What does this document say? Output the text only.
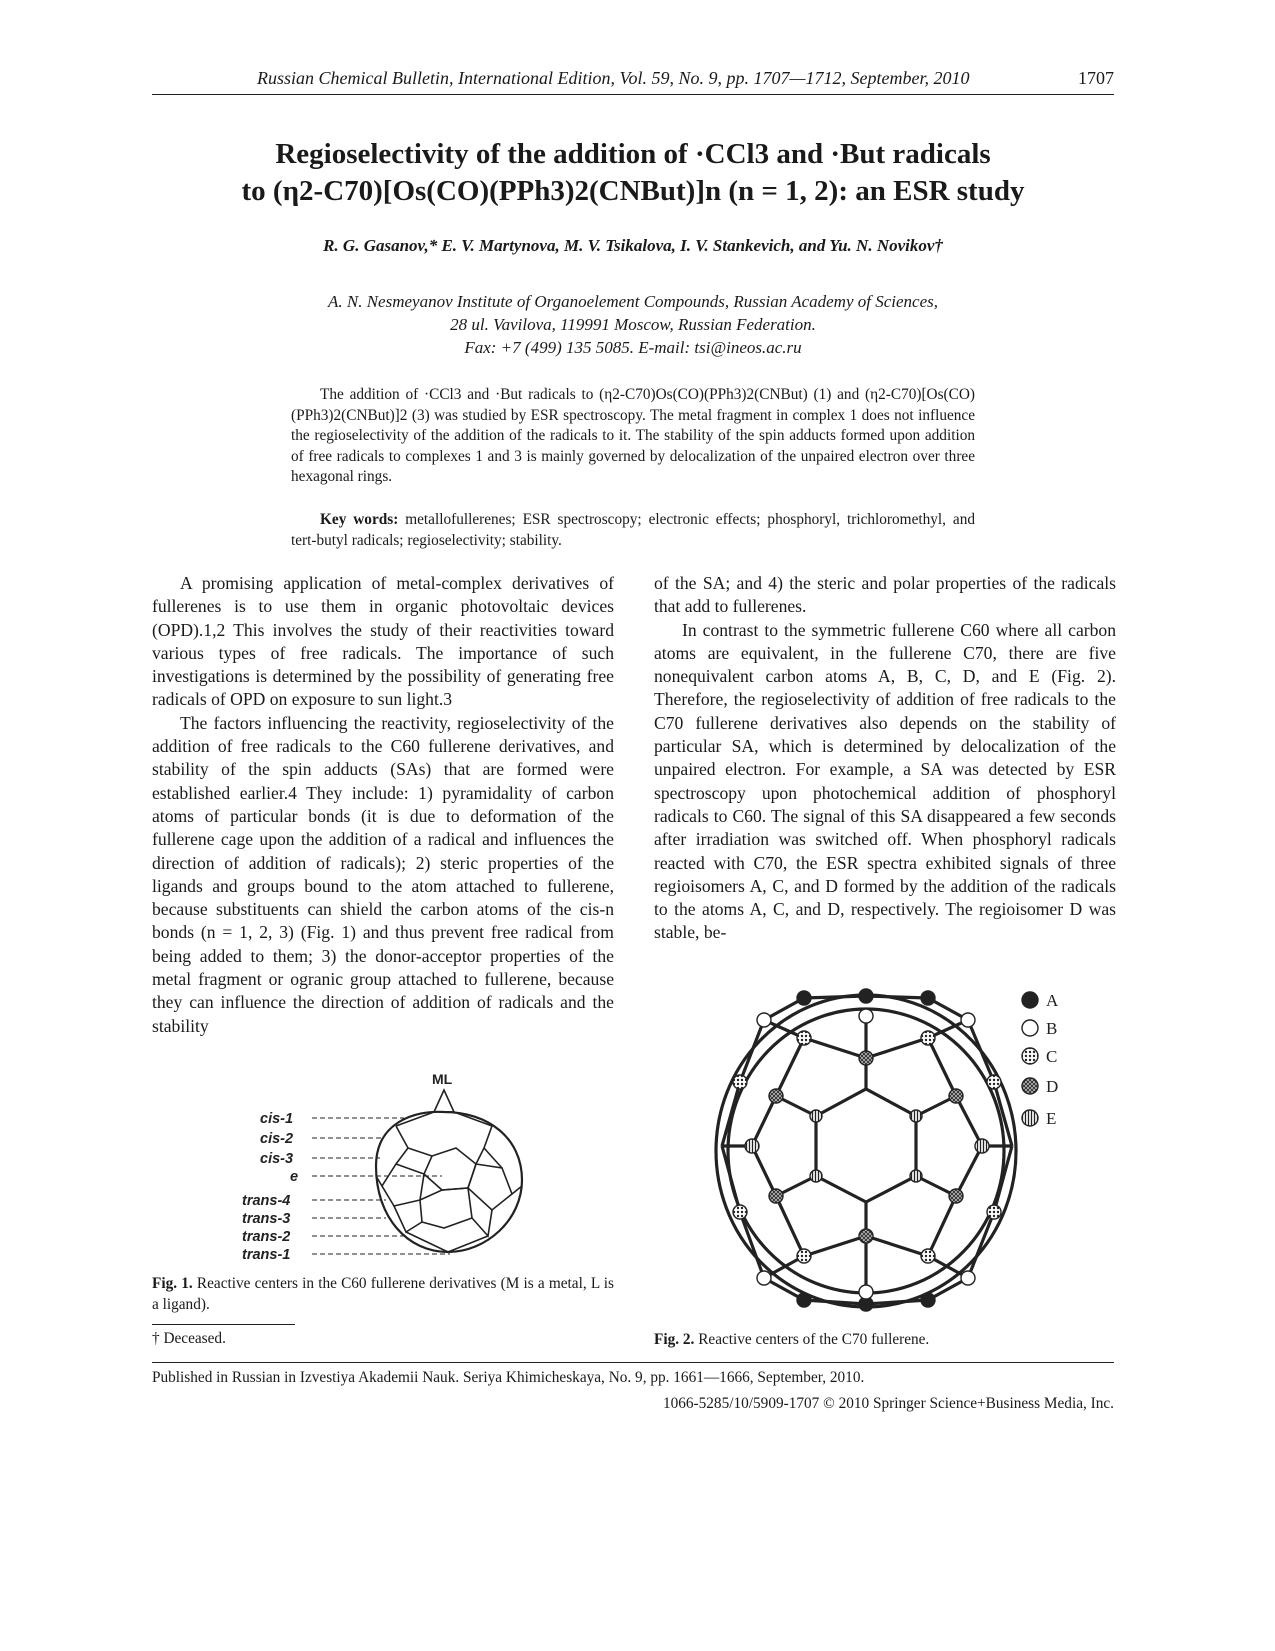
Russian Chemical Bulletin, International Edition, Vol. 59, No. 9, pp. 1707—1712, September, 2010	1707
Regioselectivity of the addition of ·CCl3 and ·But radicals
to (η2-C70)[Os(CO)(PPh3)2(CNBut)]n (n = 1, 2): an ESR study
R. G. Gasanov,* E. V. Martynova, M. V. Tsikalova, I. V. Stankevich, and Yu. N. Novikov†
A. N. Nesmeyanov Institute of Organoelement Compounds, Russian Academy of Sciences,
28 ul. Vavilova, 119991 Moscow, Russian Federation.
Fax: +7 (499) 135 5085. E-mail: tsi@ineos.ac.ru
The addition of ·CCl3 and ·But radicals to (η2-C70)Os(CO)(PPh3)2(CNBut) (1) and (η2-C70)[Os(CO)(PPh3)2(CNBut)]2 (3) was studied by ESR spectroscopy. The metal fragment in complex 1 does not influence the regioselectivity of the addition of the radicals to it. The stability of the spin adducts formed upon addition of free radicals to complexes 1 and 3 is mainly governed by delocalization of the unpaired electron over three hexagonal rings.
Key words: metallofullerenes; ESR spectroscopy; electronic effects; phosphoryl, trichloromethyl, and tert-butyl radicals; regioselectivity; stability.

A promising application of metal-complex derivatives of fullerenes is to use them in organic photovoltaic devices (OPD).1,2 This involves the study of their reactivities toward various types of free radicals. The importance of such investigations is determined by the possibility of generating free radicals of OPD on exposure to sun light.3

The factors influencing the reactivity, regioselectivity of the addition of free radicals to the C60 fullerene derivatives, and stability of the spin adducts (SAs) that are formed were established earlier.4 They include: 1) pyramidality of carbon atoms of particular bonds (it is due to deformation of the fullerene cage upon the addition of a radical and influences the direction of addition of radicals); 2) steric properties of the ligands and groups bound to the atom attached to fullerene, because substituents can shield the carbon atoms of the cis-n bonds (n = 1, 2, 3) (Fig. 1) and thus prevent free radical from being added to them; 3) the donor-acceptor properties of the metal fragment or ogranic group attached to fullerene, because they can influence the direction of addition of radicals and the stability

of the SA; and 4) the steric and polar properties of the radicals that add to fullerenes.

In contrast to the symmetric fullerene C60 where all carbon atoms are equivalent, in the fullerene C70, there are five nonequivalent carbon atoms A, B, C, D, and E (Fig. 2). Therefore, the regioselectivity of addition of free radicals to the C70 fullerene derivatives also depends on the stability of particular SA, which is determined by delocalization of the unpaired electron. For example, a SA was detected by ESR spectroscopy upon photochemical addition of phosphoryl radicals to C60. The signal of this SA disappeared a few seconds after irradiation was switched off. When phosphoryl radicals reacted with C70, the ESR spectra exhibited signals of three regioisomers A, C, and D formed by the addition of the radicals to the atoms A, C, and D, respectively. The regioisomer D was stable, be-

ML
cis-1
cis-2
cis-3
e
trans-4
trans-3
trans-2
trans-1
A
B
C
D
E
Fig. 1. Reactive centers in the C60 fullerene derivatives (M is a metal, L is a ligand).
Fig. 2. Reactive centers of the C70 fullerene.
† Deceased.
Published in Russian in Izvestiya Akademii Nauk. Seriya Khimicheskaya, No. 9, pp. 1661—1666, September, 2010.
1066-5285/10/5909-1707 © 2010 Springer Science+Business Media, Inc.
